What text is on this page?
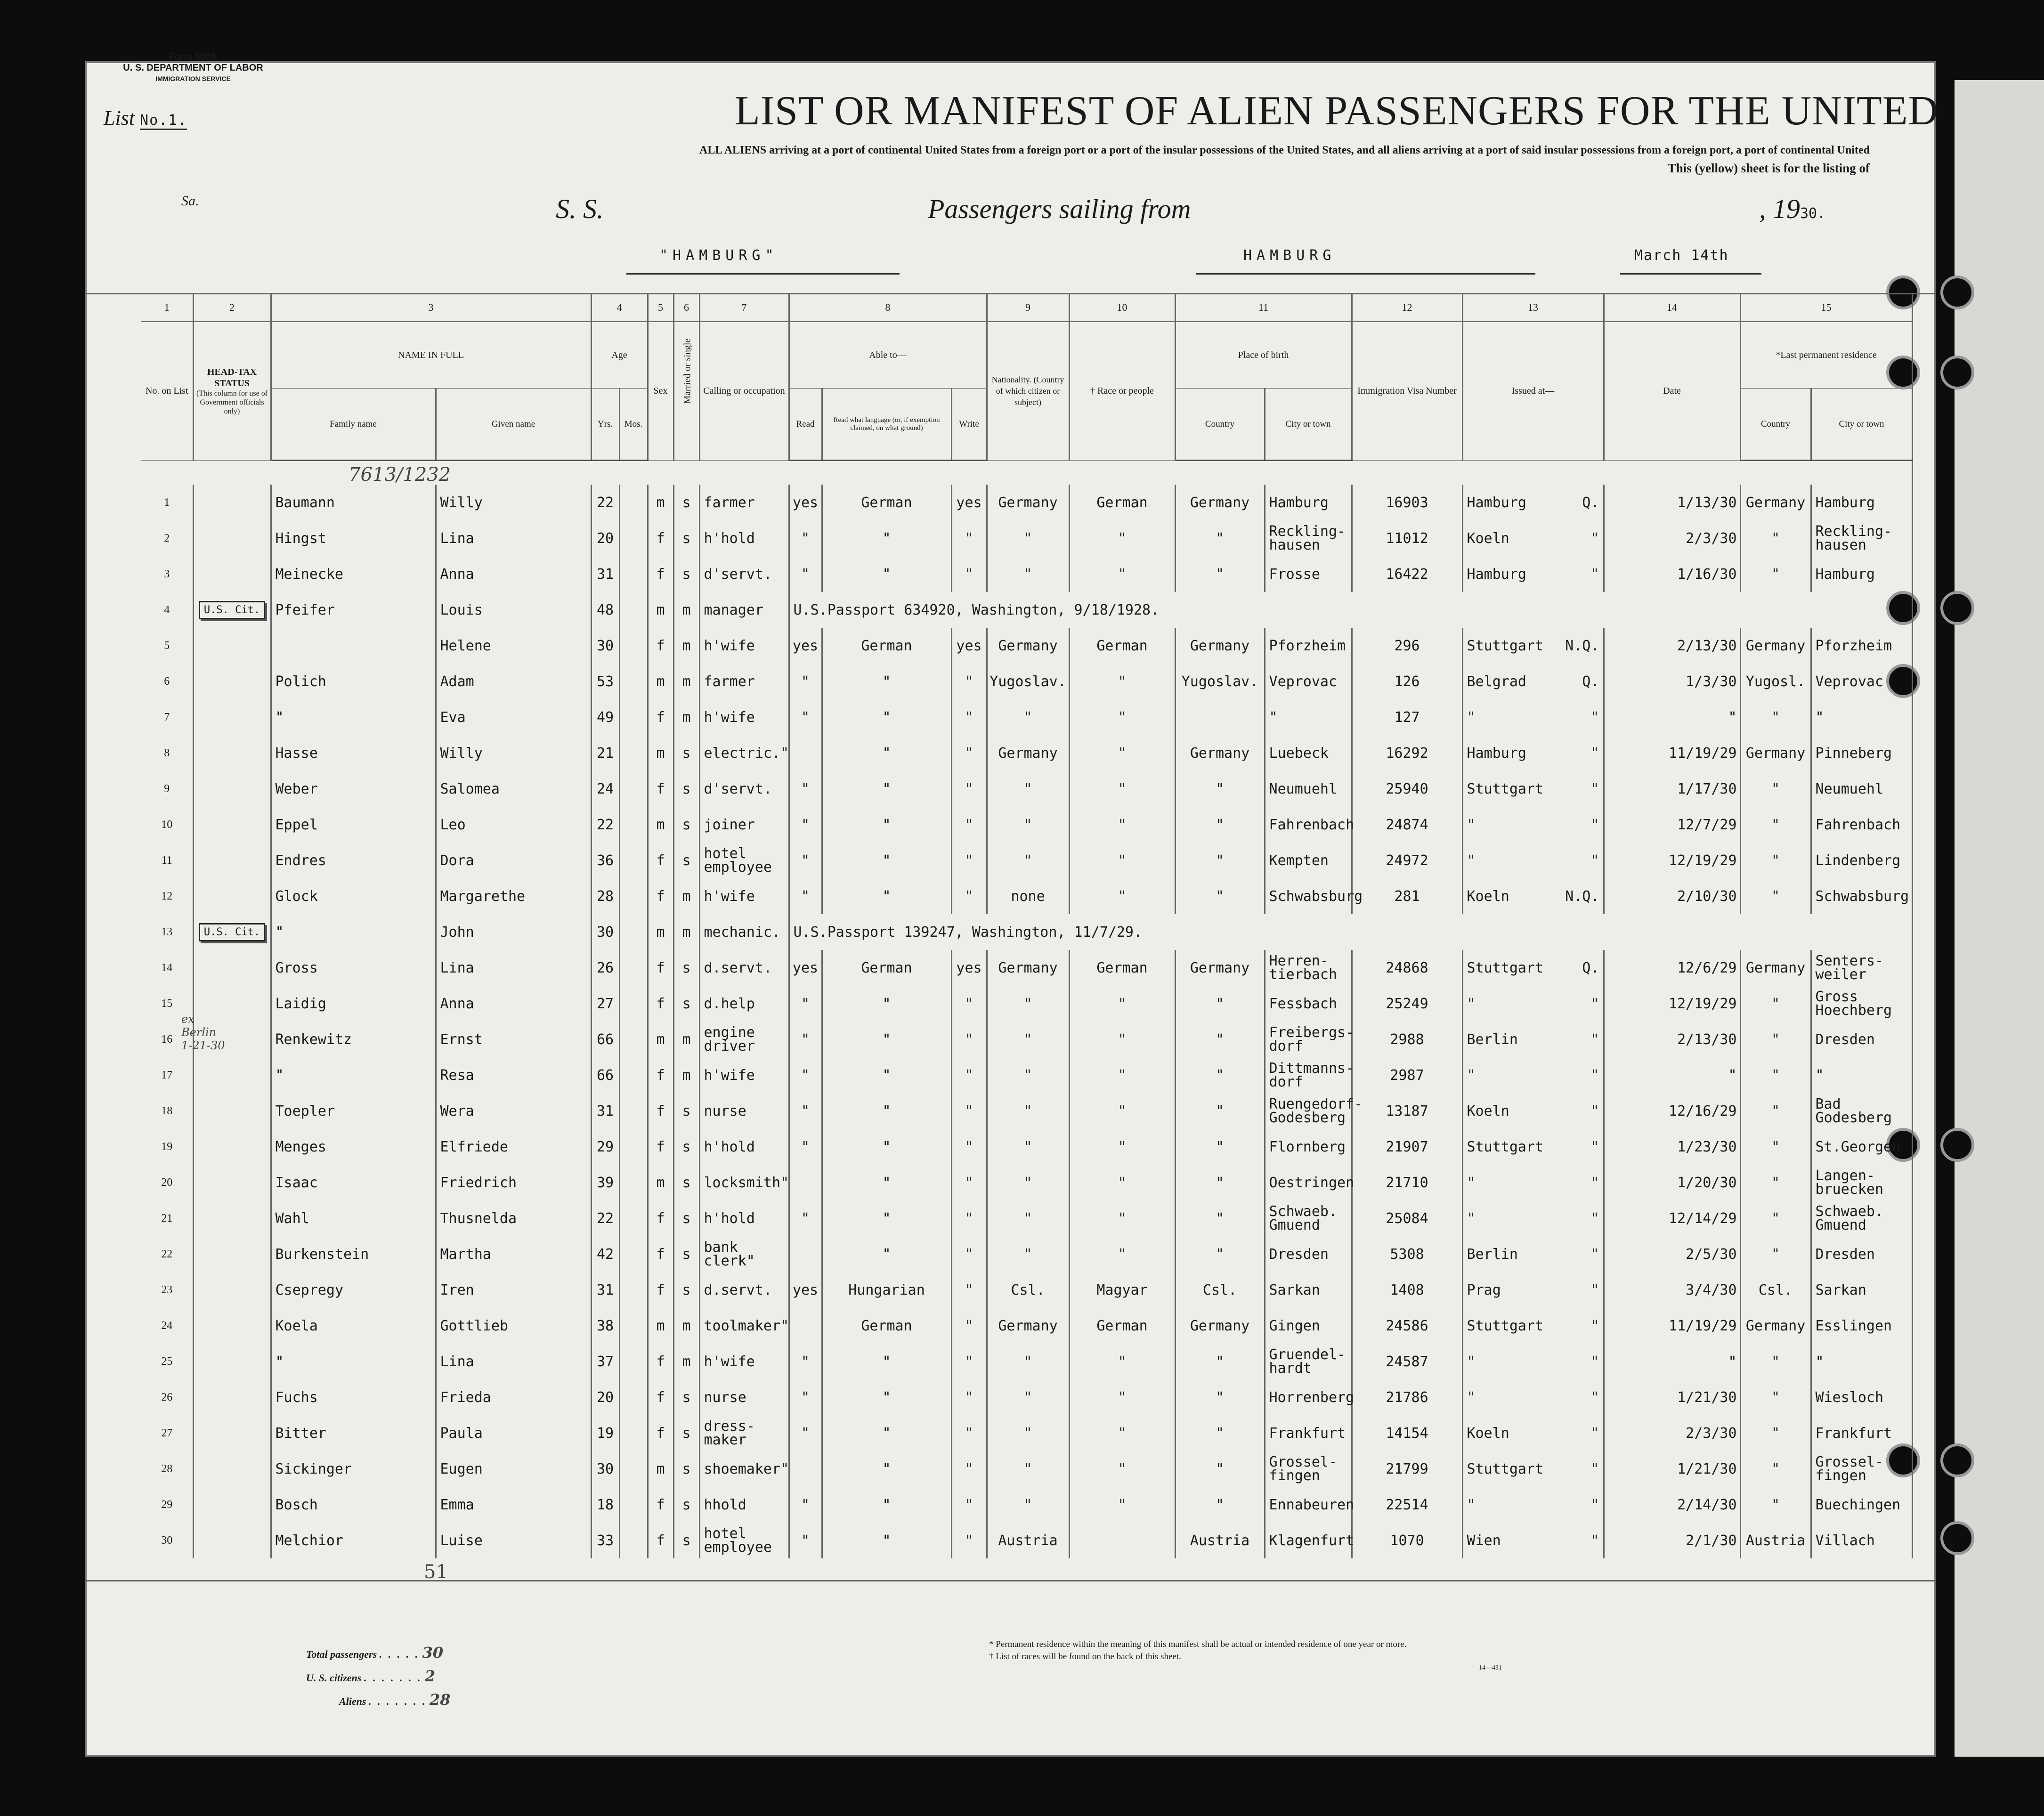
Form 500A
U. S. DEPARTMENT OF LABOR
IMMIGRATION SERVICE
List No.1.	LIST OR MANIFEST OF ALIEN PASSENGERS FOR THE UNITED
ALL ALIENS arriving at a port of continental United States from a foreign port or a port of the insular possessions of the United States, and all aliens arriving at a port of said insular possessions from a foreign port, a port of continental United
This (yellow) sheet is for the listing of
Sa.	S. S.
"HAMBURG"
Passengers sailing from
HAMBURG	March 14th
, 1930.
1	2	3		4		5	6	7	8			9	10	11		12	13	14	15	
No. on List	HEAD-TAX STATUS
(This column for use of Government officials only)	NAME IN FULL		Age		Sex	Married or single	Calling or occupation	Able to—			Nationality. (Country of which citizen or subject)	† Race or people	Place of birth		Immigration Visa Number	Issued at—	Date	*Last permanent residence	
		Family name	Given name	Yrs.	Mos.				Read	Read what language (or, if exemption claimed, on what ground)	Write			Country	City or town				Country	City or town

1		Baumann	Willy	22		m	s	farmer	yes	German	yes	Germany	German	Germany	Hamburg	16903	Hamburg Q.	1/13/30	Germany	Hamburg
2		Hingst	Lina	20		f	s	h'hold	"	"	"	"	"	"	Reckling-hausen	11012	Koeln "	2/3/30	"	Reckling-hausen
3		Meinecke	Anna	31		f	s	d'servt.	"	"	"	"	"	"	Frosse	16422	Hamburg "	1/16/30	"	Hamburg
4	U.S. Cit.	Pfeifer	Louis	48		m	m	manager	U.S.Passport 634920, Washington, 9/18/1928.											
5			Helene	30		f	m	h'wife	yes	German	yes	Germany	German	Germany	Pforzheim	296	Stuttgart N.Q.	2/13/30	Germany	Pforzheim
6		Polich	Adam	53		m	m	farmer	"	"	"	Yugoslav.	"	Yugoslav.	Veprovac	126	Belgrad Q.	1/3/30	Yugosl.	Veprovac
7		"	Eva	49		f	m	h'wife	"	"	"	"	"		"	127	" "	"	"	"
8		Hasse	Willy	21		m	s	electric."		"	"	Germany	"	Germany	Luebeck	16292	Hamburg "	11/19/29	Germany	Pinneberg
9		Weber	Salomea	24		f	s	d'servt.	"	"	"	"	"	"	Neumuehl	25940	Stuttgart "	1/17/30	"	Neumuehl
10		Eppel	Leo	22		m	s	joiner	"	"	"	"	"	"	Fahrenbach	24874	" "	12/7/29	"	Fahrenbach
11		Endres	Dora	36		f	s	hotel employee	"	"	"	"	"	"	Kempten	24972	" "	12/19/29	"	Lindenberg
12		Glock	Margarethe	28		f	m	h'wife	"	"	"	none	"	"	Schwabsburg	281	Koeln N.Q.	2/10/30	"	Schwabsburg
13	U.S. Cit.	"	John	30		m	m	mechanic.	U.S.Passport 139247, Washington, 11/7/29.											
14		Gross	Lina	26		f	s	d.servt.	yes	German	yes	Germany	German	Germany	Herren-tierbach	24868	Stuttgart Q.	12/6/29	Germany	Senters-weiler
15		Laidig	Anna	27		f	s	d.help	"	"	"	"	"	"	Fessbach	25249	" "	12/19/29	"	Gross Hoechberg
16		Renkewitz	Ernst	66		m	m	engine driver	"	"	"	"	"	"	Freibergs-dorf	2988	Berlin "	2/13/30	"	Dresden
17		"	Resa	66		f	m	h'wife	"	"	"	"	"	"	Dittmanns-dorf	2987	" "	"	"	"
18		Toepler	Wera	31		f	s	nurse	"	"	"	"	"	"	Ruengedorf-Godesberg	13187	Koeln "	12/16/29	"	Bad Godesberg
19		Menges	Elfriede	29		f	s	h'hold	"	"	"	"	"	"	Flornberg	21907	Stuttgart "	1/23/30	"	St.Georgen
20		Isaac	Friedrich	39		m	s	locksmith"		"	"	"	"	"	Oestringen	21710	" "	1/20/30	"	Langen-bruecken
21		Wahl	Thusnelda	22		f	s	h'hold	"	"	"	"	"	"	Schwaeb. Gmuend	25084	" "	12/14/29	"	Schwaeb. Gmuend
22		Burkenstein	Martha	42		f	s	bank clerk"		"	"	"	"	"	Dresden	5308	Berlin "	2/5/30	"	Dresden
23		Csepregy	Iren	31		f	s	d.servt.	yes	Hungarian	"	Csl.	Magyar	Csl.	Sarkan	1408	Prag "	3/4/30	Csl.	Sarkan
24		Koela	Gottlieb	38		m	m	toolmaker"		German	"	Germany	German	Germany	Gingen	24586	Stuttgart "	11/19/29	Germany	Esslingen
25		"	Lina	37		f	m	h'wife	"	"	"	"	"	"	Gruendel-hardt	24587	" "	"	"	"
26		Fuchs	Frieda	20		f	s	nurse	"	"	"	"	"	"	Horrenberg	21786	" "	1/21/30	"	Wiesloch
27		Bitter	Paula	19		f	s	dress-maker	"	"	"	"	"	"	Frankfurt	14154	Koeln "	2/3/30	"	Frankfurt
28		Sickinger	Eugen	30		m	s	shoemaker"		"	"	"	"	"	Grossel-fingen	21799	Stuttgart "	1/21/30	"	Grossel-fingen
29		Bosch	Emma	18		f	s	hhold	"	"	"	"	"	"	Ennabeuren	22514	" "	2/14/30	"	Buechingen
30		Melchior	Luise	33		f	s	hotel employee	"	"	"	Austria		Austria	Klagenfurt	1070	Wien "	2/1/30	Austria	Villach
7613/1232
ex Berlin 1-21-30
51
Total passengers . . . . . 30
U. S. citizens . . . . . . . 2
Aliens . . . . . . . 28
* Permanent residence within the meaning of this manifest shall be actual or intended residence of one year or more.
† List of races will be found on the back of this sheet.
14—431
